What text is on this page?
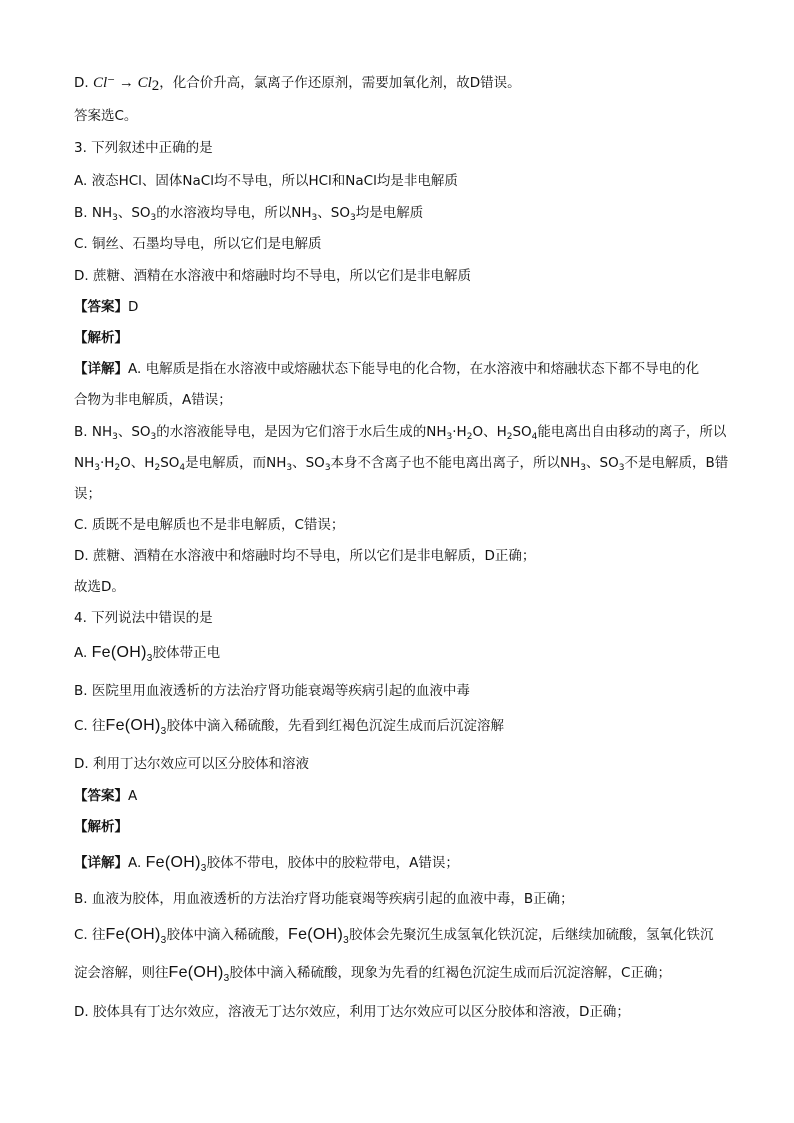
D. Cl⁻ → Cl2，化合价升高，氯离子作还原剂，需要加氧化剂，故D错误。
答案选C。
3. 下列叙述中正确的是
A. 液态HCl、固体NaCl均不导电，所以HCl和NaCl均是非电解质
B. $NH_3$、$SO_3$的水溶液均导电，所以$NH_3$、$SO_3$均是电解质
C. 铜丝、石墨均导电，所以它们是电解质
D. 蔗糖、酒精在水溶液中和熔融时均不导电，所以它们是非电解质
【答案】D
【解析】
【详解】A. 电解质是指在水溶液中或熔融状态下能导电的化合物，在水溶液中和熔融状态下都不导电的化
合物为非电解质，A错误；
B. $NH_3$、$SO_3$的水溶液能导电，是因为它们溶于水后生成的$NH_3\cdot H_2O$、$H_2SO_4$能电离出自由移动的离子，所以
$NH_3\cdot H_2O$、$H_2SO_4$是电解质，而$NH_3$、$SO_3$本身不含离子也不能电离出离子，所以$NH_3$、$SO_3$不是电解质，B错
误；
C. 质既不是电解质也不是非电解质，C错误；
D. 蔗糖、酒精在水溶液中和熔融时均不导电，所以它们是非电解质，D正确；
故选D。
4. 下列说法中错误的是
A. $Fe(OH)_3$胶体带正电
B. 医院里用血液透析的方法治疗肾功能衰竭等疾病引起的血液中毒
C. 往$Fe(OH)_3$胶体中滴入稀硫酸，先看到红褐色沉淀生成而后沉淀溶解
D. 利用丁达尔效应可以区分胶体和溶液
【答案】A
【解析】
【详解】A. $Fe(OH)_3$胶体不带电，胶体中的胶粒带电，A错误；
B. 血液为胶体，用血液透析的方法治疗肾功能衰竭等疾病引起的血液中毒，B正确；
C. 往$Fe(OH)_3$胶体中滴入稀硫酸，$Fe(OH)_3$胶体会先聚沉生成氢氧化铁沉淀，后继续加硫酸，氢氧化铁沉
淀会溶解，则往$Fe(OH)_3$胶体中滴入稀硫酸，现象为先看的红褐色沉淀生成而后沉淀溶解，C正确；
D. 胶体具有丁达尔效应，溶液无丁达尔效应，利用丁达尔效应可以区分胶体和溶液，D正确；
